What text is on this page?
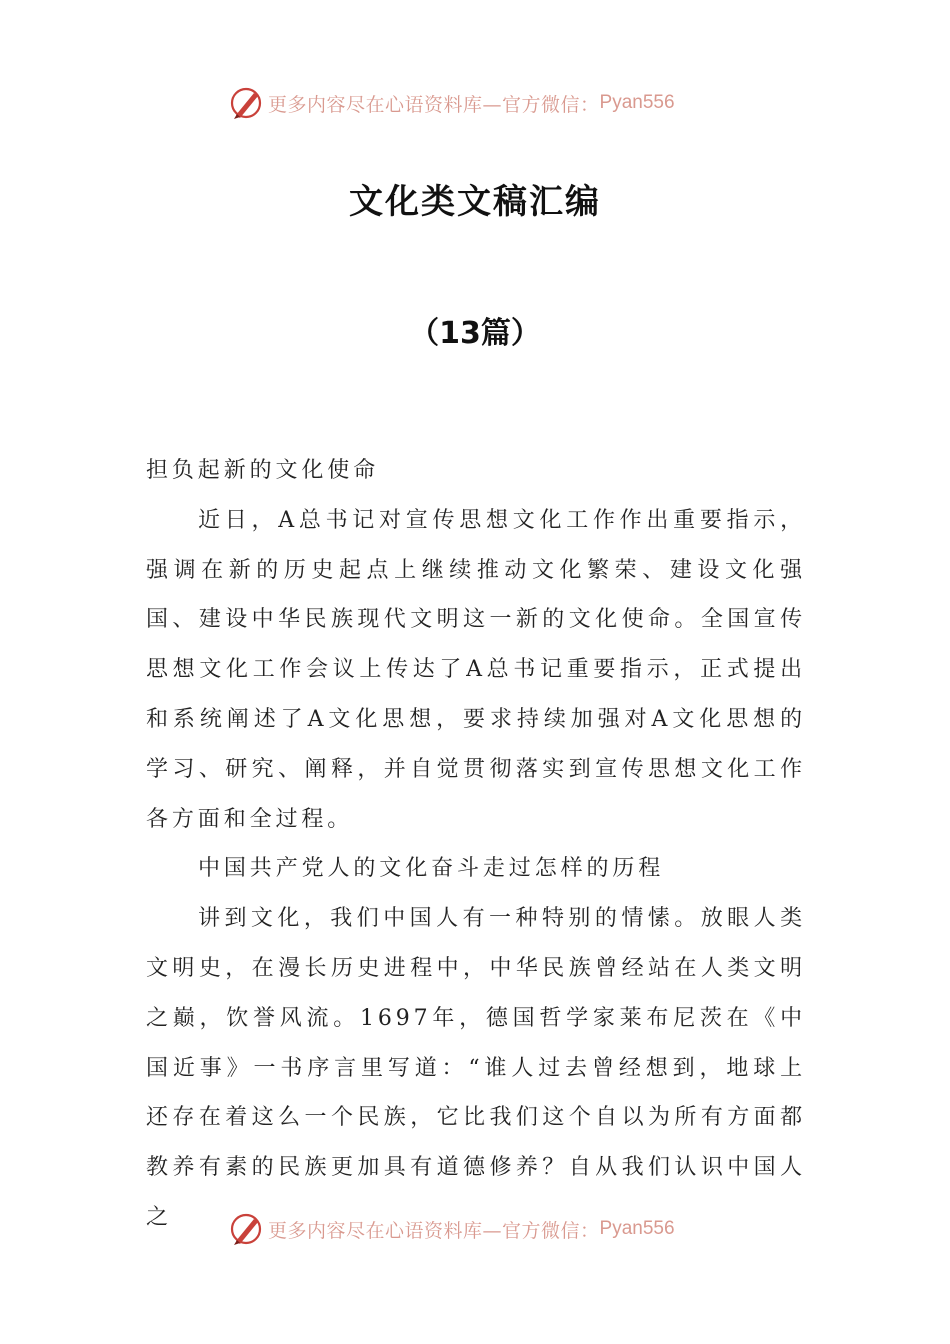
更多内容尽在心语资料库—官方微信： Pyan556
文化类文稿汇编
（13篇）

担负起新的文化使命

近日，A总书记对宣传思想文化工作作出重要指示，强调在新的历史起点上继续推动文化繁荣、建设文化强国、建设中华民族现代文明这一新的文化使命。全国宣传思想文化工作会议上传达了A总书记重要指示，正式提出和系统阐述了A文化思想，要求持续加强对A文化思想的学习、研究、阐释，并自觉贯彻落实到宣传思想文化工作各方面和全过程。

中国共产党人的文化奋斗走过怎样的历程

讲到文化，我们中国人有一种特别的情愫。放眼人类文明史，在漫长历史进程中，中华民族曾经站在人类文明之巅，饮誉风流。1697年，德国哲学家莱布尼茨在《中国近事》一书序言里写道：“谁人过去曾经想到，地球上还存在着这么一个民族，它比我们这个自以为所有方面都教养有素的民族更加具有道德修养？自从我们认识中国人之

更多内容尽在心语资料库—官方微信： Pyan556
